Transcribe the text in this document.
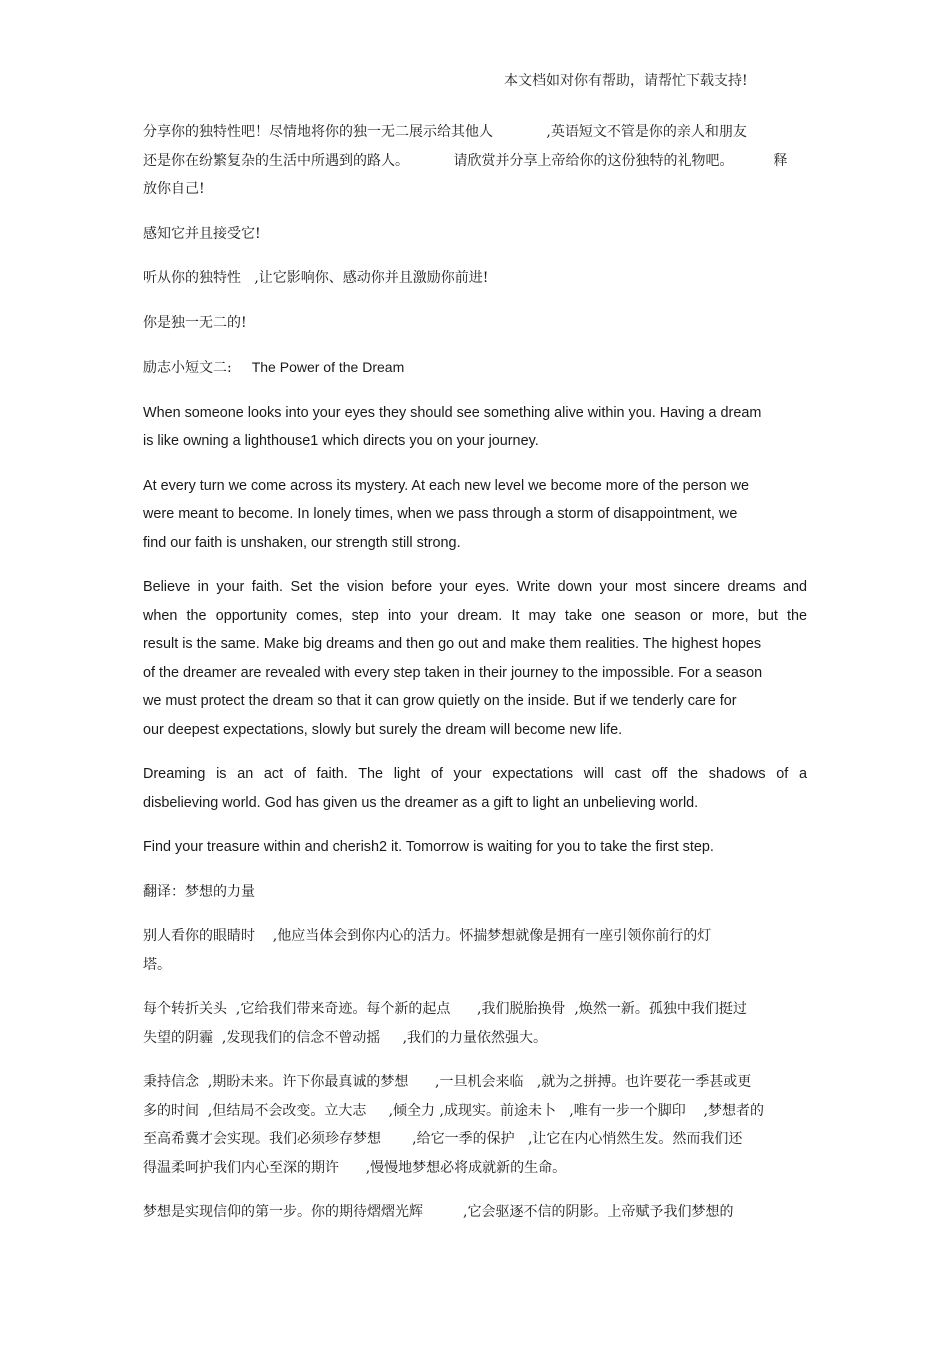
本文档如对你有帮助，请帮忙下载支持!
分享你的独特性吧！尽情地将你的独一无二展示给其他人            ,英语短文不管是你的亲人和朋友
还是你在纷繁复杂的生活中所遇到的路人。          请欣赏并分享上帝给你的这份独特的礼物吧。         释
放你自己!
感知它并且接受它!
听从你的独特性   ,让它影响你、感动你并且激励你前进!
你是独一无二的!
励志小短文二: The Power of the Dream
When someone looks into your eyes they should see something alive within you. Having a dream
is like owning a lighthouse1 which directs you on your journey.
At every turn we come across its mystery. At each new level we become more of the person we
were meant to become. In lonely times, when we pass through a storm of disappointment, we
find our faith is unshaken, our strength still strong.
Believe in your faith. Set the vision before your eyes. Write down your most sincere dreams and
when the opportunity comes, step into your dream. It may take one season or more, but the
result is the same. Make big dreams and then go out and make them realities. The highest hopes
of the dreamer are revealed with every step taken in their journey to the impossible. For a season
we must protect the dream so that it can grow quietly on the inside. But if we tenderly care for
our deepest expectations, slowly but surely the dream will become new life.
Dreaming is an act of faith. The light of your expectations will cast off the shadows of a
disbelieving world. God has given us the dreamer as a gift to light an unbelieving world.
Find your treasure within and cherish2 it. Tomorrow is waiting for you to take the first step.
翻译：梦想的力量
别人看你的眼睛时    ,他应当体会到你内心的活力。怀揣梦想就像是拥有一座引领你前行的灯
塔。
每个转折关头  ,它给我们带来奇迹。每个新的起点      ,我们脱胎换骨  ,焕然一新。孤独中我们挺过
失望的阴霾  ,发现我们的信念不曾动摇     ,我们的力量依然强大。
秉持信念  ,期盼未来。许下你最真诚的梦想      ,一旦机会来临   ,就为之拼搏。也许要花一季甚或更
多的时间  ,但结局不会改变。立大志     ,倾全力 ,成现实。前途未卜   ,唯有一步一个脚印    ,梦想者的
至高希冀才会实现。我们必须珍存梦想       ,给它一季的保护   ,让它在内心悄然生发。然而我们还
得温柔呵护我们内心至深的期许      ,慢慢地梦想必将成就新的生命。
梦想是实现信仰的第一步。你的期待熠熠光辉         ,它会驱逐不信的阴影。上帝赋予我们梦想的
